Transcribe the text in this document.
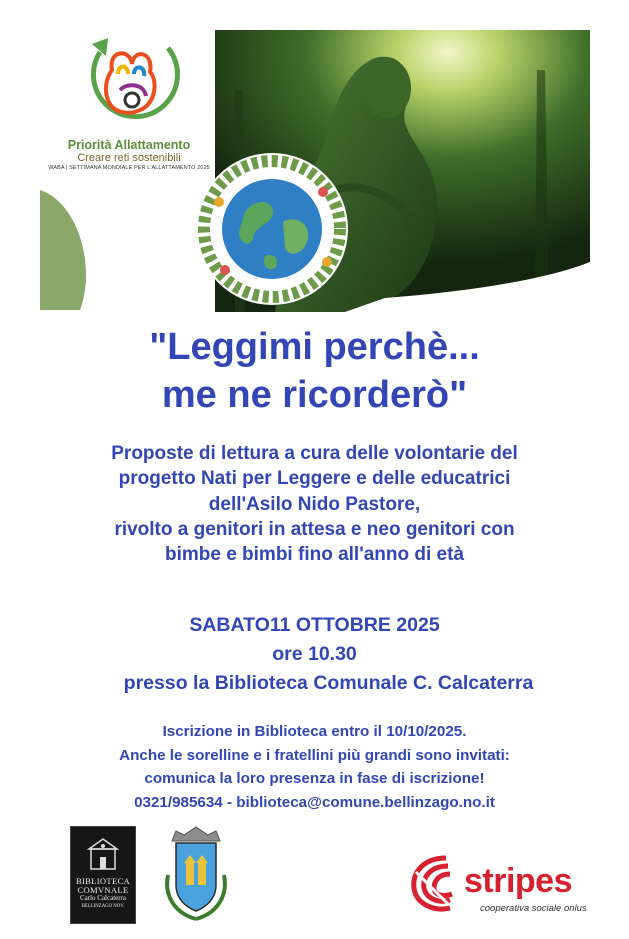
Priorità Allattamento
Creare reti sostenibili
WABA | SETTIMANA MONDIALE PER L'ALLATTAMENTO 2025
"Leggimi perchè...
me ne ricorderò"
Proposte di lettura a cura delle volontarie del
progetto Nati per Leggere e delle educatrici
dell'Asilo Nido Pastore,
rivolto a genitori in attesa e neo genitori con
bimbe e bimbi fino all'anno di età
SABATO11 OTTOBRE 2025
ore 10.30
presso la Biblioteca Comunale C. Calcaterra
Iscrizione in Biblioteca entro il 10/10/2025.
Anche le sorelline e i fratellini più grandi sono invitati:
comunica la loro presenza in fase di iscrizione!
0321/985634 - biblioteca@comune.bellinzago.no.it
BIBLIOTECA
COMVNALE
Carlo Calcaterra
BELLINZAGO NOV.
stripes
cooperativa sociale onlus
